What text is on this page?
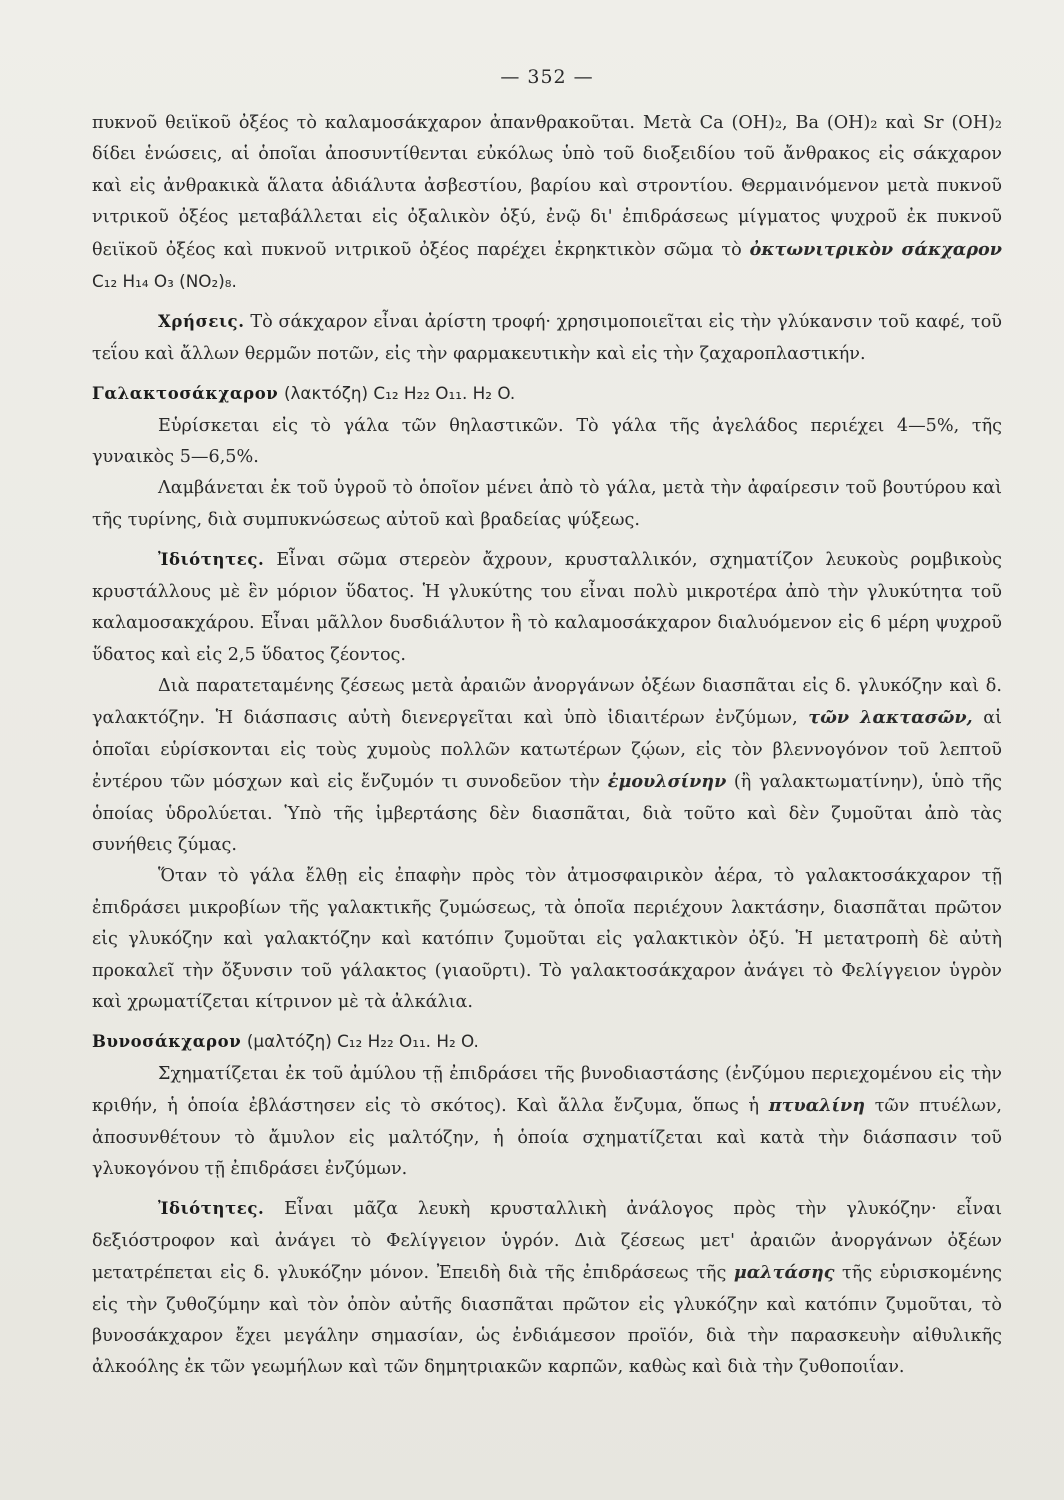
— 352 —

πυκνοῦ θειϊκοῦ ὀξέος τὸ καλαμοσάκχαρον ἀπανθρακοῦται. Μετὰ Ca (OH)₂, Ba (OH)₂ καὶ Sr (OH)₂ δίδει ἑνώσεις, αἱ ὁποῖαι ἀποσυντίθενται εὐκόλως ὑπὸ τοῦ διοξειδίου τοῦ ἄνθρακος εἰς σάκχαρον καὶ εἰς ἀνθρακικὰ ἅλατα ἀδιάλυτα ἀσβεστίου, βαρίου καὶ στροντίου. Θερμαινόμενον μετὰ πυκνοῦ νιτρικοῦ ὀξέος μεταβάλλεται εἰς ὀξαλικὸν ὀξύ, ἐνῷ δι' ἐπιδράσεως μίγματος ψυχροῦ ἐκ πυκνοῦ θειϊκοῦ ὀξέος καὶ πυκνοῦ νιτρικοῦ ὀξέος παρέχει ἐκρηκτικὸν σῶμα τὸ ὀκτωνιτρικὸν σάκχαρον C₁₂ H₁₄ O₃ (NO₂)₈.

Χρήσεις. Τὸ σάκχαρον εἶναι ἀρίστη τροφή· χρησιμοποιεῖται εἰς τὴν γλύκανσιν τοῦ καφέ, τοῦ τεΐου καὶ ἄλλων θερμῶν ποτῶν, εἰς τὴν φαρμακευτικὴν καὶ εἰς τὴν ζαχαροπλαστικήν.

Γαλακτοσάκχαρον (λακτόζη) C₁₂ H₂₂ O₁₁. H₂ O.

Εὑρίσκεται εἰς τὸ γάλα τῶν θηλαστικῶν. Τὸ γάλα τῆς ἀγελάδος περιέχει 4—5%, τῆς γυναικὸς 5—6,5%.

Λαμβάνεται ἐκ τοῦ ὑγροῦ τὸ ὁποῖον μένει ἀπὸ τὸ γάλα, μετὰ τὴν ἀφαίρεσιν τοῦ βουτύρου καὶ τῆς τυρίνης, διὰ συμπυκνώσεως αὐτοῦ καὶ βραδείας ψύξεως.

Ἰδιότητες. Εἶναι σῶμα στερεὸν ἄχρουν, κρυσταλλικόν, σχηματίζον λευκοὺς ρομβικοὺς κρυστάλλους μὲ ἓν μόριον ὕδατος. Ἡ γλυκύτης του εἶναι πολὺ μικροτέρα ἀπὸ τὴν γλυκύτητα τοῦ καλαμοσακχάρου. Εἶναι μᾶλλον δυσδιάλυτον ἢ τὸ καλαμοσάκχαρον διαλυόμενον εἰς 6 μέρη ψυχροῦ ὕδατος καὶ εἰς 2,5 ὕδατος ζέοντος.

Διὰ παρατεταμένης ζέσεως μετὰ ἀραιῶν ἀνοργάνων ὀξέων διασπᾶται εἰς δ. γλυκόζην καὶ δ. γαλακτόζην. Ἡ διάσπασις αὐτὴ διενεργεῖται καὶ ὑπὸ ἰδιαιτέρων ἐνζύμων, τῶν λακτασῶν, αἱ ὁποῖαι εὑρίσκονται εἰς τοὺς χυμοὺς πολλῶν κατωτέρων ζῴων, εἰς τὸν βλεννογόνον τοῦ λεπτοῦ ἐντέρου τῶν μόσχων καὶ εἰς ἔνζυμόν τι συνοδεῦον τὴν ἐμουλσίνην (ἢ γαλακτωματίνην), ὑπὸ τῆς ὁποίας ὑδρολύεται. Ὑπὸ τῆς ἰμβερτάσης δὲν διασπᾶται, διὰ τοῦτο καὶ δὲν ζυμοῦται ἀπὸ τὰς συνήθεις ζύμας.

Ὅταν τὸ γάλα ἔλθῃ εἰς ἐπαφὴν πρὸς τὸν ἀτμοσφαιρικὸν ἀέρα, τὸ γαλακτοσάκχαρον τῇ ἐπιδράσει μικροβίων τῆς γαλακτικῆς ζυμώσεως, τὰ ὁποῖα περιέχουν λακτάσην, διασπᾶται πρῶτον εἰς γλυκόζην καὶ γαλακτόζην καὶ κατόπιν ζυμοῦται εἰς γαλακτικὸν ὀξύ. Ἡ μετατροπὴ δὲ αὐτὴ προκαλεῖ τὴν ὄξυνσιν τοῦ γάλακτος (γιαοῦρτι). Τὸ γαλακτοσάκχαρον ἀνάγει τὸ Φελίγγειον ὑγρὸν καὶ χρωματίζεται κίτρινον μὲ τὰ ἀλκάλια.

Βυνοσάκχαρον (μαλτόζη) C₁₂ H₂₂ O₁₁. H₂ O.

Σχηματίζεται ἐκ τοῦ ἀμύλου τῇ ἐπιδράσει τῆς βυνοδιαστάσης (ἐνζύμου περιεχομένου εἰς τὴν κριθήν, ἡ ὁποία ἐβλάστησεν εἰς τὸ σκότος). Καὶ ἄλλα ἔνζυμα, ὅπως ἡ πτυαλίνη τῶν πτυέλων, ἀποσυνθέτουν τὸ ἄμυλον εἰς μαλτόζην, ἡ ὁποία σχηματίζεται καὶ κατὰ τὴν διάσπασιν τοῦ γλυκογόνου τῇ ἐπιδράσει ἐνζύμων.

Ἰδιότητες. Εἶναι μᾶζα λευκὴ κρυσταλλικὴ ἀνάλογος πρὸς τὴν γλυκόζην· εἶναι δεξιόστροφον καὶ ἀνάγει τὸ Φελίγγειον ὑγρόν. Διὰ ζέσεως μετ' ἀραιῶν ἀνοργάνων ὀξέων μετατρέπεται εἰς δ. γλυκόζην μόνον. Ἐπειδὴ διὰ τῆς ἐπιδράσεως τῆς μαλτάσης τῆς εὑρισκομένης εἰς τὴν ζυθοζύμην καὶ τὸν ὀπὸν αὐτῆς διασπᾶται πρῶτον εἰς γλυκόζην καὶ κατόπιν ζυμοῦται, τὸ βυνοσάκχαρον ἔχει μεγάλην σημασίαν, ὡς ἐνδιάμεσον προϊόν, διὰ τὴν παρασκευὴν αἰθυλικῆς ἀλκοόλης ἐκ τῶν γεωμήλων καὶ τῶν δημητριακῶν καρπῶν, καθὼς καὶ διὰ τὴν ζυθοποιΐαν.
